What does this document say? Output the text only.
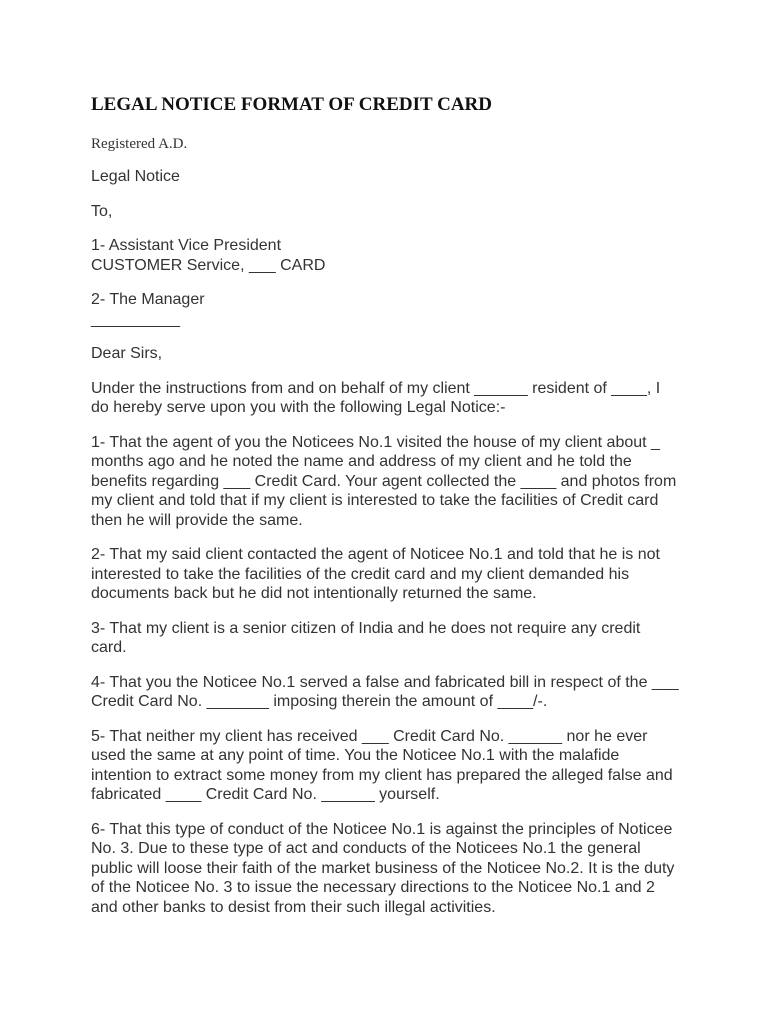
LEGAL NOTICE FORMAT OF CREDIT CARD

Registered A.D.

Legal Notice

To,

1- Assistant Vice President
CUSTOMER Service, ___ CARD

2- The Manager
__________

Dear Sirs,

Under the instructions from and on behalf of my client ______ resident of ____, I do hereby serve upon you with the following Legal Notice:-

1- That the agent of you the Noticees No.1 visited the house of my client about _ months ago and he noted the name and address of my client and he told the benefits regarding ___ Credit Card. Your agent collected the ____ and photos from my client and told that if my client is interested to take the facilities of Credit card then he will provide the same.

2- That my said client contacted the agent of Noticee No.1 and told that he is not interested to take the facilities of the credit card and my client demanded his documents back but he did not intentionally returned the same.

3- That my client is a senior citizen of India and he does not require any credit card.

4- That you the Noticee No.1 served a false and fabricated bill in respect of the ___ Credit Card No. _______ imposing therein the amount of ____/-.

5- That neither my client has received ___ Credit Card No. ______ nor he ever used the same at any point of time. You the Noticee No.1 with the malafide intention to extract some money from my client has prepared the alleged false and fabricated ____ Credit Card No. ______ yourself.

6- That this type of conduct of the Noticee No.1 is against the principles of Noticee No. 3. Due to these type of act and conducts of the Noticees No.1 the general public will loose their faith of the market business of the Noticee No.2. It is the duty of the Noticee No. 3 to issue the necessary directions to the Noticee No.1 and 2 and other banks to desist from their such illegal activities.
